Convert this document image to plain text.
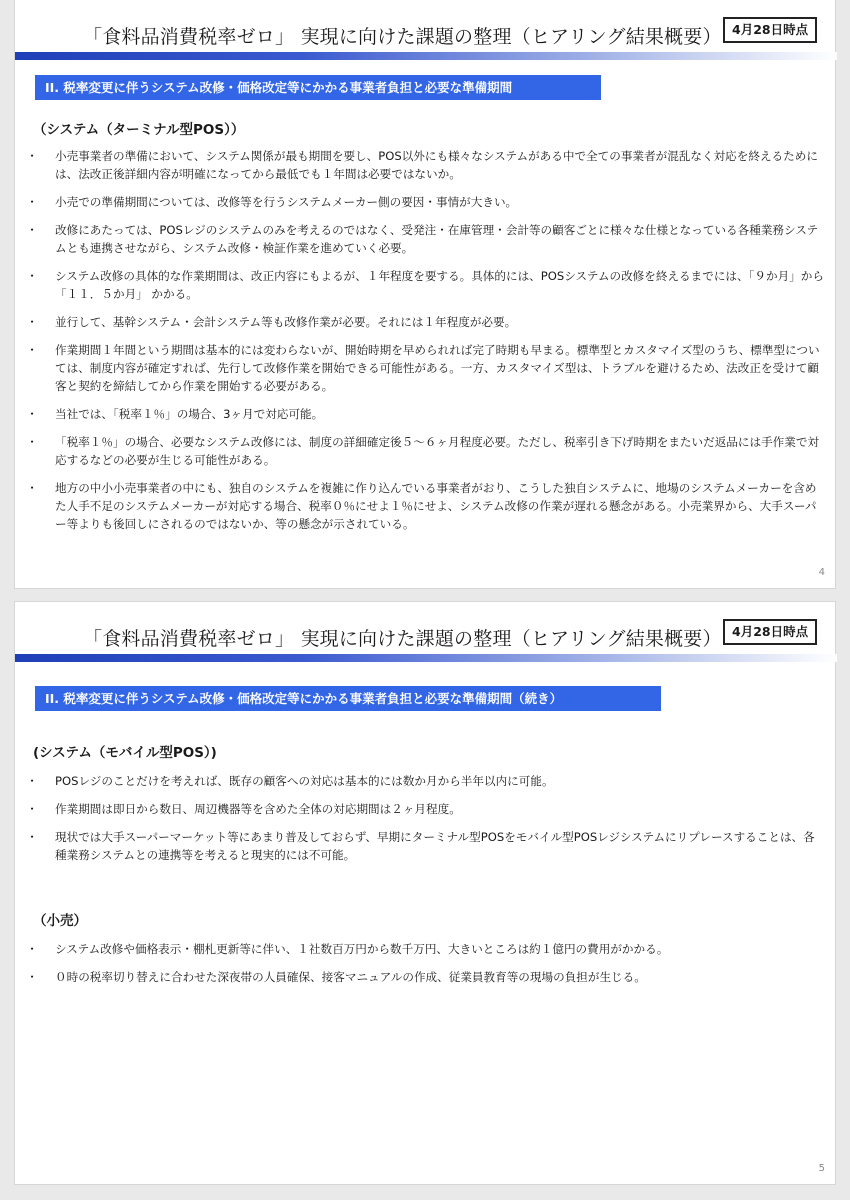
「食料品消費税率ゼロ」 実現に向けた課題の整理（ヒアリング結果概要） 4月28日時点
II. 税率変更に伴うシステム改修・価格改定等にかかる事業者負担と必要な準備期間
（システム（ターミナル型POS））
・ 小売事業者の準備において、システム関係が最も期間を要し、POS以外にも様々なシステムがある中で全ての事業者が混乱なく対応を終えるためには、法改正後詳細内容が明確になってから最低でも１年間は必要ではないか。
・ 小売での準備期間については、改修等を行うシステムメーカー側の要因・事情が大きい。
・ 改修にあたっては、POSレジのシステムのみを考えるのではなく、受発注・在庫管理・会計等の顧客ごとに様々な仕様となっている各種業務システムとも連携させながら、システム改修・検証作業を進めていく必要。
・ システム改修の具体的な作業期間は、改正内容にもよるが、１年程度を要する。具体的には、POSシステムの改修を終えるまでには、「９か月」から「１１．５か月」 かかる。
・ 並行して、基幹システム・会計システム等も改修作業が必要。それには１年程度が必要。
・ 作業期間１年間という期間は基本的には変わらないが、開始時期を早められれば完了時期も早まる。標準型とカスタマイズ型のうち、標準型については、制度内容が確定すれば、先行して改修作業を開始できる可能性がある。一方、カスタマイズ型は、トラブルを避けるため、法改正を受けて顧客と契約を締結してから作業を開始する必要がある。
・ 当社では、「税率１％」の場合、3ヶ月で対応可能。
・ 「税率１％」の場合、必要なシステム改修には、制度の詳細確定後５～６ヶ月程度必要。ただし、税率引き下げ時期をまたいだ返品には手作業で対応するなどの必要が生じる可能性がある。
・ 地方の中小小売事業者の中にも、独自のシステムを複雑に作り込んでいる事業者がおり、こうした独自システムに、地場のシステムメーカーを含めた人手不足のシステムメーカーが対応する場合、税率０％にせよ１％にせよ、システム改修の作業が遅れる懸念がある。小売業界から、大手スーパー等よりも後回しにされるのではないか、等の懸念が示されている。
4
「食料品消費税率ゼロ」 実現に向けた課題の整理（ヒアリング結果概要） 4月28日時点
II. 税率変更に伴うシステム改修・価格改定等にかかる事業者負担と必要な準備期間（続き）
(システム（モバイル型POS）)
・ POSレジのことだけを考えれば、既存の顧客への対応は基本的には数か月から半年以内に可能。
・ 作業期間は即日から数日、周辺機器等を含めた全体の対応期間は２ヶ月程度。
・ 現状では大手スーパーマーケット等にあまり普及しておらず、早期にターミナル型POSをモバイル型POSレジシステムにリプレースすることは、各種業務システムとの連携等を考えると現実的には不可能。
（小売）
・ システム改修や価格表示・棚札更新等に伴い、１社数百万円から数千万円、大きいところは約１億円の費用がかかる。
・ ０時の税率切り替えに合わせた深夜帯の人員確保、接客マニュアルの作成、従業員教育等の現場の負担が生じる。
5
